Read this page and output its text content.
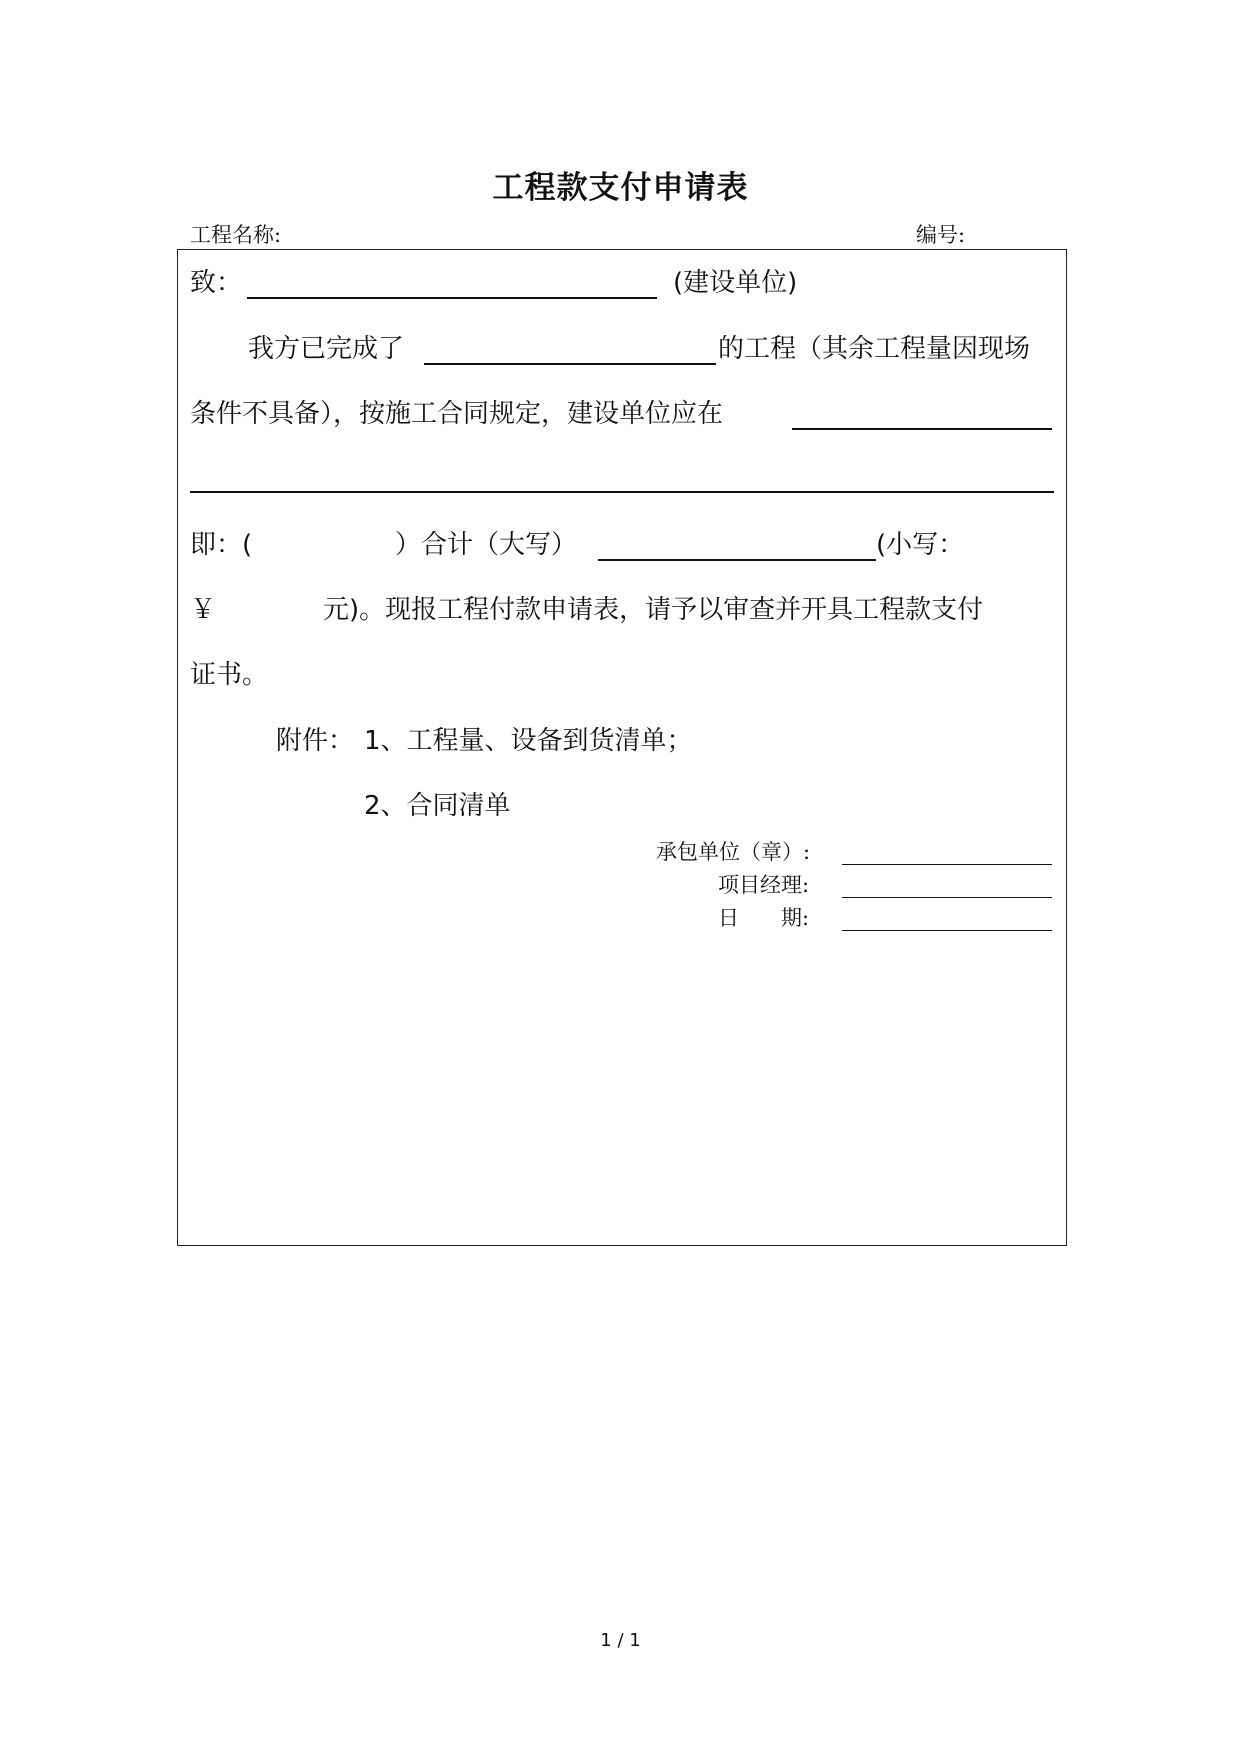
工程款支付申请表
工程名称:	编号:
致：	(建设单位)
我方已完成了	的工程（其余工程量因现场
条件不具备），按施工合同规定，建设单位应在
即：(	）合计（大写）	(小写：
￥	元)。现报工程付款申请表，请予以审查并开具工程款支付
证书。
附件： 1、工程量、设备到货清单；
2、合同清单
承包单位（章）:
项目经理:
日　　期:
1 / 1
